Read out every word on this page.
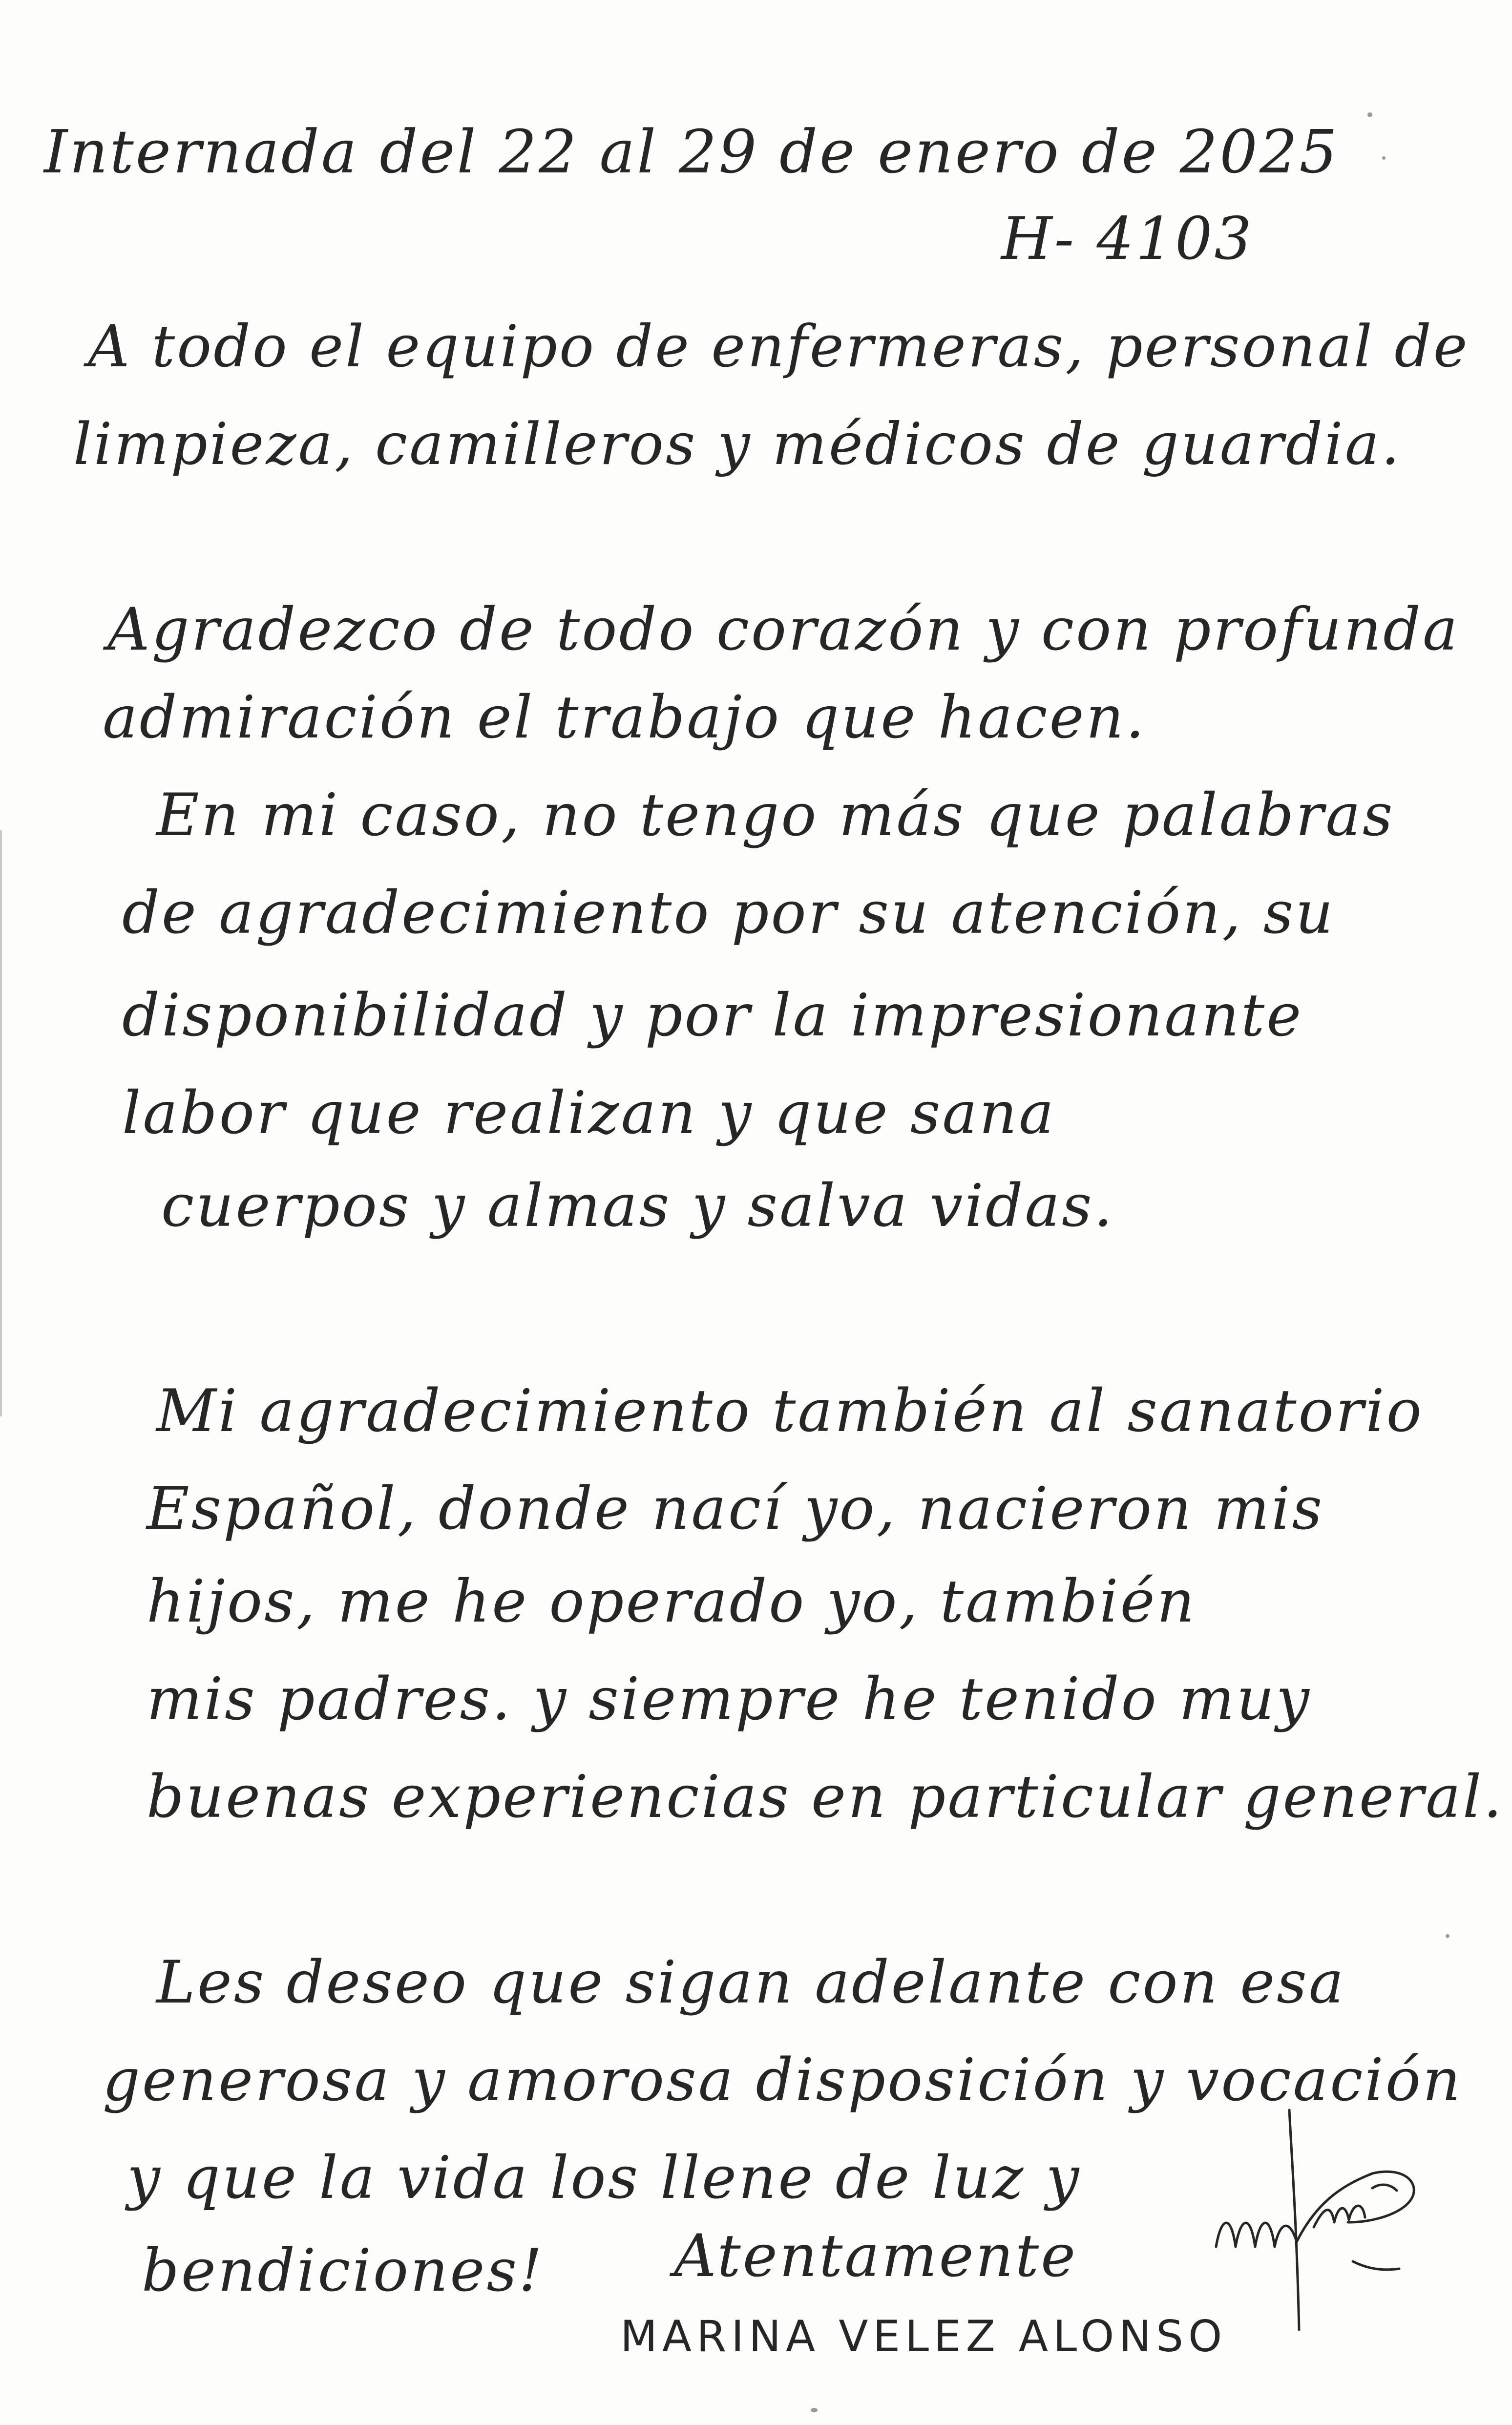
Internada del 22 al 29 de enero de 2025

H- 4103

A todo el equipo de enfermeras, personal de

limpieza, camilleros y médicos de guardia.

Agradezco de todo corazón y con profunda

admiración el trabajo que hacen.

En mi caso, no tengo más que palabras

de agradecimiento por su atención, su

disponibilidad y por la impresionante

labor que realizan y que sana

cuerpos y almas y salva vidas.

Mi agradecimiento también al sanatorio

Español, donde nací yo, nacieron mis

hijos, me he operado yo, también

mis padres. y siempre he tenido muy

buenas experiencias en particular general.

Les deseo que sigan adelante con esa

generosa y amorosa disposición y vocación

y que la vida los llene de luz y

bendiciones! Atentamente

MARINA VELEZ ALONSO
